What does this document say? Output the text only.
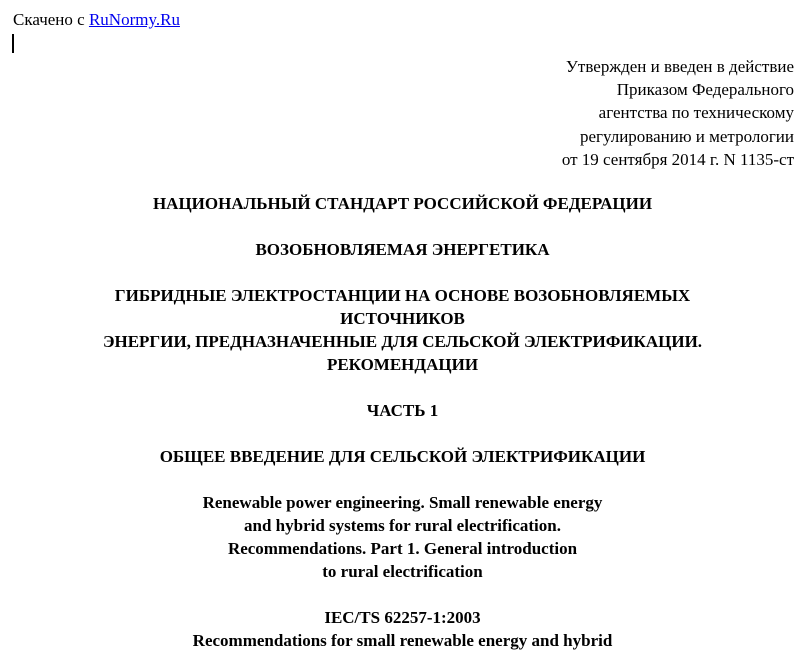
Скачено с RuNormy.Ru
Утвержден и введен в действие
Приказом Федерального
агентства по техническому
регулированию и метрологии
от 19 сентября 2014 г. N 1135-ст
НАЦИОНАЛЬНЫЙ СТАНДАРТ РОССИЙСКОЙ ФЕДЕРАЦИИ
ВОЗОБНОВЛЯЕМАЯ ЭНЕРГЕТИКА
ГИБРИДНЫЕ ЭЛЕКТРОСТАНЦИИ НА ОСНОВЕ ВОЗОБНОВЛЯЕМЫХ
ИСТОЧНИКОВ
ЭНЕРГИИ, ПРЕДНАЗНАЧЕННЫЕ ДЛЯ СЕЛЬСКОЙ ЭЛЕКТРИФИКАЦИИ.
РЕКОМЕНДАЦИИ
ЧАСТЬ 1
ОБЩЕЕ ВВЕДЕНИЕ ДЛЯ СЕЛЬСКОЙ ЭЛЕКТРИФИКАЦИИ
Renewable power engineering. Small renewable energy
and hybrid systems for rural electrification.
Recommendations. Part 1. General introduction
to rural electrification
IEC/TS 62257-1:2003
Recommendations for small renewable energy and hybrid
